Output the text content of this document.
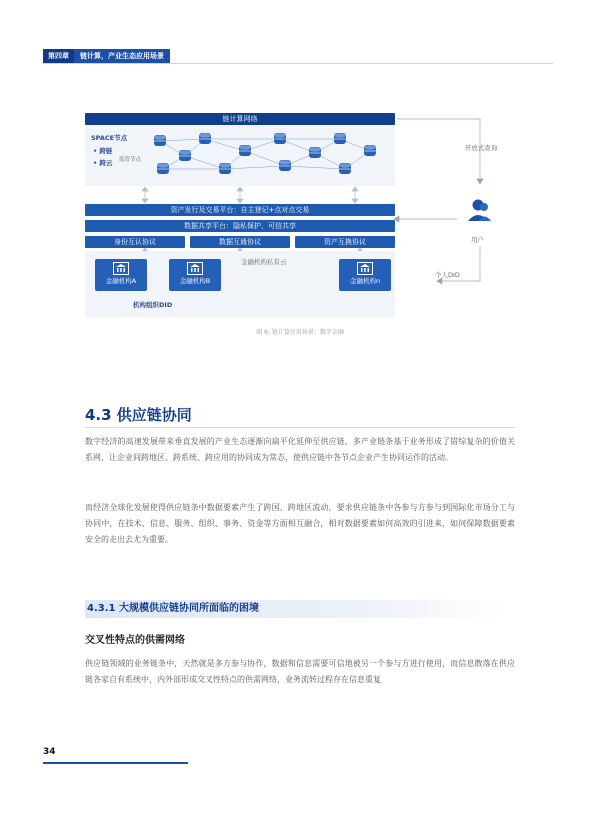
第四章	链计算，产业生态应用场景
链计算网络
SPACE节点
• 跨链
• 跨云 监管节点
开放式查询
资产发行及交易平台：自主登记+点对点交易
数据共享平台：隐私保护、可信共享
身份互认协议	数据互通协议	资产互换协议	用户
个人DID
金融机构A	金融机构B	金融机构n
金融机构私有云
机构组织DID
图 6: 链计算应用场景：数字金融
4.3 供应链协同

数字经济的高速发展带来垂直发展的产业生态逐渐向扁平化延伸至供应链，多产业链条基于业务形成了错综复杂的价值关系网，让企业间跨地区、跨系统、跨应用的协同成为常态，使供应链中各节点企业产生协同运作的活动。

而经济全球化发展使得供应链条中数据要素产生了跨国、跨地区流动，要求供应链条中各参与方参与到国际化市场分工与协同中，在技术、信息、服务、组织、事务、资金等方面相互融合，相对数据要素如何高效的引进来，如何保障数据要素安全的走出去尤为重要。

4.3.1 大规模供应链协同所面临的困境
交叉性特点的供需网络

供应链领域的业务链条中，天然就是多方参与协作，数据和信息需要可信地被另一个参与方进行使用，而信息散落在供应链各家自有系统中，内外部形成交叉性特点的供需网络，业务流转过程存在信息重复

34
